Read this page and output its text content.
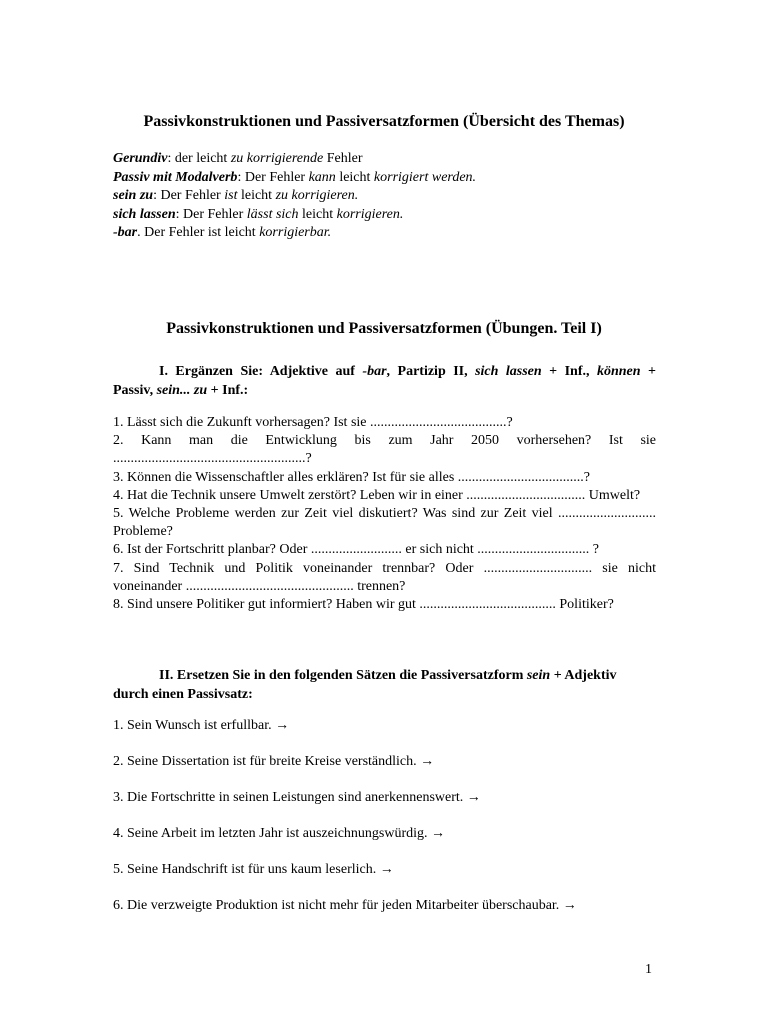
Passivkonstruktionen und Passiversatzformen (Übersicht des Themas)
Gerundiv: der leicht zu korrigierende Fehler
Passiv mit Modalverb: Der Fehler kann leicht korrigiert werden.
sein zu: Der Fehler ist leicht zu korrigieren.
sich lassen: Der Fehler lässt sich leicht korrigieren.
-bar. Der Fehler ist leicht korrigierbar.
Passivkonstruktionen und Passiversatzformen (Übungen. Teil I)
I. Ergänzen Sie: Adjektive auf -bar, Partizip II, sich lassen + Inf., können +
Passiv, sein... zu + Inf.:

1. Lässt sich die Zukunft vorhersagen? Ist sie .......................................?

2. Kann man die Entwicklung bis zum Jahr 2050 vorhersehen? Ist sie .......................................................?

3. Können die Wissenschaftler alles erklären? Ist für sie alles ....................................?

4. Hat die Technik unsere Umwelt zerstört? Leben wir in einer .................................. Umwelt?

5. Welche Probleme werden zur Zeit viel diskutiert? Was sind zur Zeit viel ............................ Probleme?

6. Ist der Fortschritt planbar? Oder .......................... er sich nicht ................................ ?

7. Sind Technik und Politik voneinander trennbar? Oder ............................... sie nicht voneinander ................................................ trennen?

8. Sind unsere Politiker gut informiert? Haben wir gut ....................................... Politiker?

II. Ersetzen Sie in den folgenden Sätzen die Passiversatzform sein + Adjektiv
durch einen Passivsatz:
1. Sein Wunsch ist erfullbar. →
2. Seine Dissertation ist für breite Kreise verständlich. →
3. Die Fortschritte in seinen Leistungen sind anerkennenswert. →
4. Seine Arbeit im letzten Jahr ist auszeichnungswürdig. →
5. Seine Handschrift ist für uns kaum leserlich. →
6. Die verzweigte Produktion ist nicht mehr für jeden Mitarbeiter überschaubar. →
1
